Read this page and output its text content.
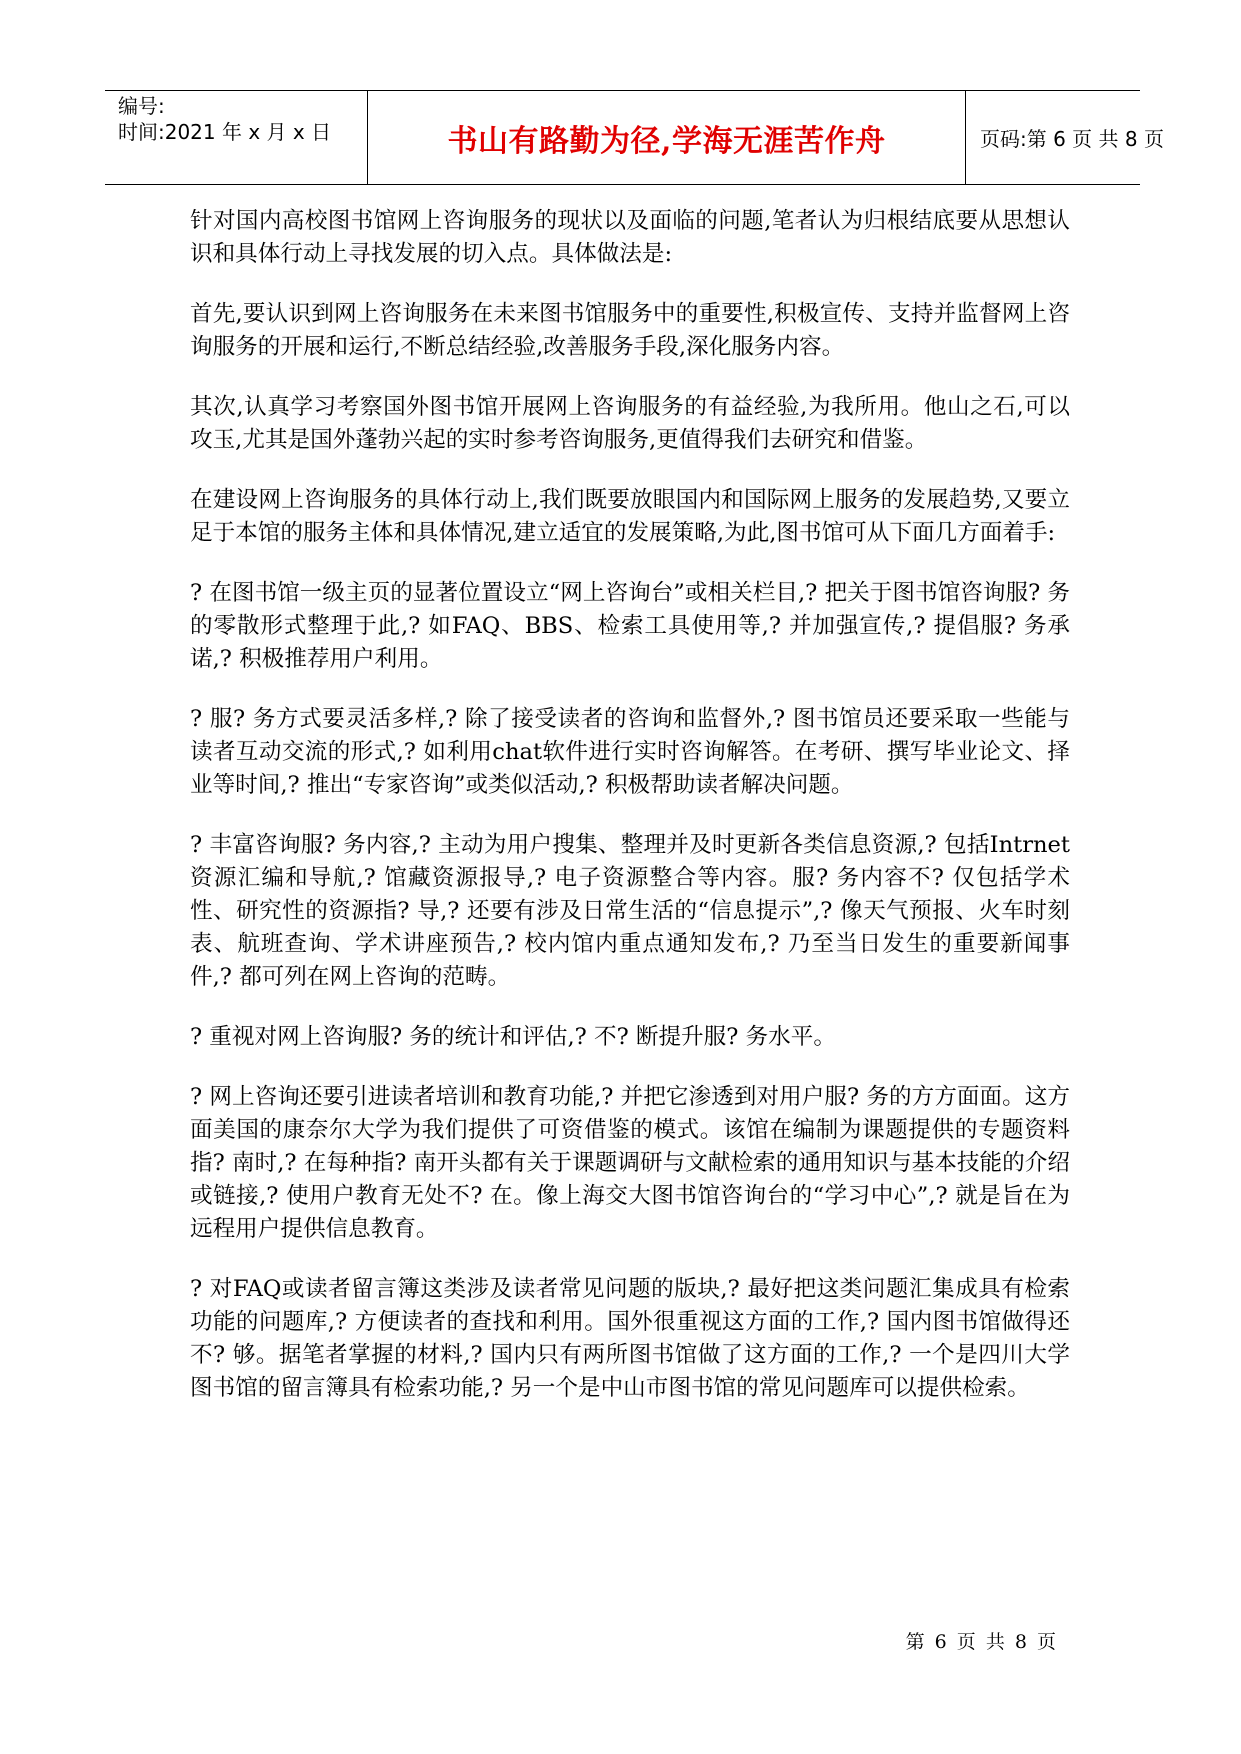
编号:
时间:2021 年 x 月 x 日	书山有路勤为径,学海无涯苦作舟	页码:第 6 页 共 8 页

针对国内高校图书馆网上咨询服务的现状以及面临的问题,笔者认为归根结底要从思想认识和具体行动上寻找发展的切入点。具体做法是:

首先,要认识到网上咨询服务在未来图书馆服务中的重要性,积极宣传、支持并监督网上咨询服务的开展和运行,不断总结经验,改善服务手段,深化服务内容。

其次,认真学习考察国外图书馆开展网上咨询服务的有益经验,为我所用。他山之石,可以攻玉,尤其是国外蓬勃兴起的实时参考咨询服务,更值得我们去研究和借鉴。

在建设网上咨询服务的具体行动上,我们既要放眼国内和国际网上服务的发展趋势,又要立足于本馆的服务主体和具体情况,建立适宜的发展策略,为此,图书馆可从下面几方面着手:

? 在图书馆一级主页的显著位置设立“网上咨询台”或相关栏目,? 把关于图书馆咨询服? 务的零散形式整理于此,? 如FAQ、BBS、检索工具使用等,? 并加强宣传,? 提倡服? 务承诺,? 积极推荐用户利用。

? 服? 务方式要灵活多样,? 除了接受读者的咨询和监督外,? 图书馆员还要采取一些能与读者互动交流的形式,? 如利用chat软件进行实时咨询解答。在考研、撰写毕业论文、择业等时间,? 推出“专家咨询”或类似活动,? 积极帮助读者解决问题。

? 丰富咨询服? 务内容,? 主动为用户搜集、整理并及时更新各类信息资源,? 包括Intrnet资源汇编和导航,? 馆藏资源报导,? 电子资源整合等内容。服? 务内容不? 仅包括学术性、研究性的资源指? 导,? 还要有涉及日常生活的“信息提示”,? 像天气预报、火车时刻表、航班查询、学术讲座预告,? 校内馆内重点通知发布,? 乃至当日发生的重要新闻事件,? 都可列在网上咨询的范畴。

? 重视对网上咨询服? 务的统计和评估,? 不? 断提升服? 务水平。

? 网上咨询还要引进读者培训和教育功能,? 并把它渗透到对用户服? 务的方方面面。这方面美国的康奈尔大学为我们提供了可资借鉴的模式。该馆在编制为课题提供的专题资料指? 南时,? 在每种指? 南开头都有关于课题调研与文献检索的通用知识与基本技能的介绍或链接,? 使用户教育无处不? 在。像上海交大图书馆咨询台的“学习中心”,? 就是旨在为远程用户提供信息教育。

? 对FAQ或读者留言簿这类涉及读者常见问题的版块,? 最好把这类问题汇集成具有检索功能的问题库,? 方便读者的查找和利用。国外很重视这方面的工作,? 国内图书馆做得还不? 够。据笔者掌握的材料,? 国内只有两所图书馆做了这方面的工作,? 一个是四川大学图书馆的留言簿具有检索功能,? 另一个是中山市图书馆的常见问题库可以提供检索。

第 6 页 共 8 页
